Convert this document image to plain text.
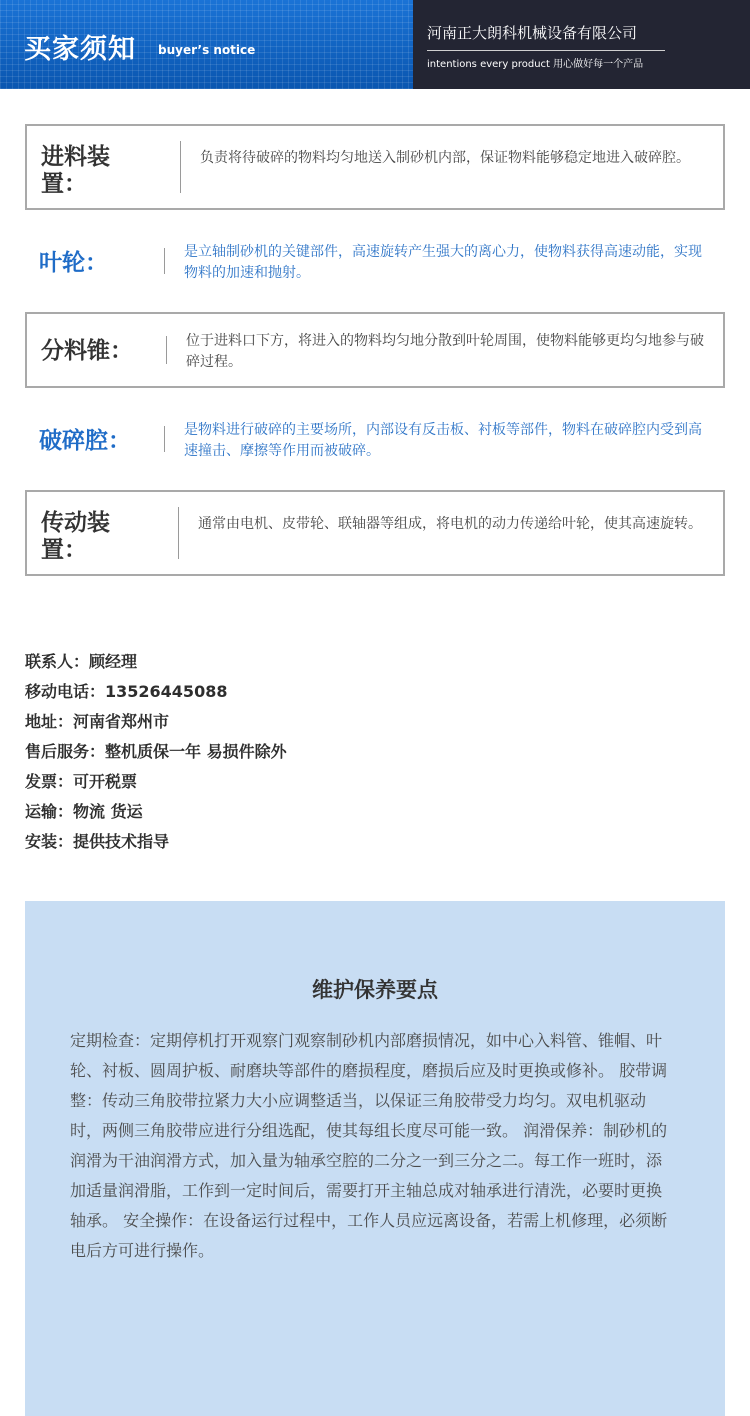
买家须知 buyer’s notice
河南正大朗科机械设备有限公司
intentions every product 用心做好每一个产品
进料装置：
负责将待破碎的物料均匀地送入制砂机内部，保证物料能够稳定地进入破碎腔。
叶轮：	是立轴制砂机的关键部件，高速旋转产生强大的离心力，使物料获得高速动能，实现物料的加速和抛射。
分料锥：	位于进料口下方，将进入的物料均匀地分散到叶轮周围，使物料能够更均匀地参与破碎过程。
破碎腔：	是物料进行破碎的主要场所，内部设有反击板、衬板等部件，物料在破碎腔内受到高速撞击、摩擦等作用而被破碎。
传动装置：
通常由电机、皮带轮、联轴器等组成，将电机的动力传递给叶轮，使其高速旋转。
联系人：顾经理
移动电话：13526445088
地址：河南省郑州市
售后服务：整机质保一年 易损件除外
发票：可开税票
运输：物流 货运
安装：提供技术指导
维护保养要点
定期检查：定期停机打开观察门观察制砂机内部磨损情况，如中心入料管、锥帽、叶轮、衬板、圆周护板、耐磨块等部件的磨损程度，磨损后应及时更换或修补。 胶带调整：传动三角胶带拉紧力大小应调整适当，以保证三角胶带受力均匀。双电机驱动时，两侧三角胶带应进行分组选配，使其每组长度尽可能一致。 润滑保养：制砂机的润滑为干油润滑方式，加入量为轴承空腔的二分之一到三分之二。每工作一班时，添加适量润滑脂，工作到一定时间后，需要打开主轴总成对轴承进行清洗，必要时更换轴承。 安全操作：在设备运行过程中，工作人员应远离设备，若需上机修理，必须断电后方可进行操作。
